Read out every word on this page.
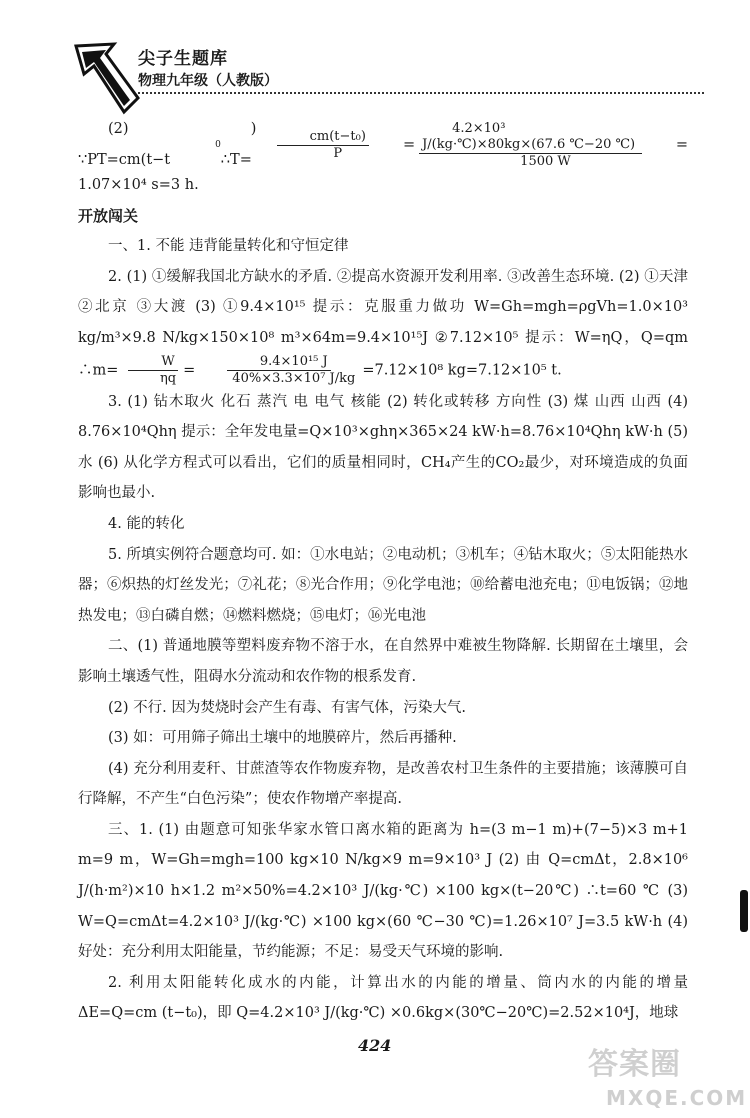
尖子生题库
物理九年级（人教版）
(2) ∵PT=cm(t−t
0
) ∴T=	$\frac{\text{cm(t−t₀)}}{P}$	= $\frac{\text{4.2×10³ J/(kg·℃)×80kg×(67.6 ℃−20 ℃)}}{1500 W}$	=

1.07×10⁴ s=3 h.

开放闯关

一、1. 不能 违背能量转化和守恒定律

2. (1) ①缓解我国北方缺水的矛盾. ②提高水资源开发利用率. ③改善生态环境. (2) ①天津 ②北京 ③大渡 (3) ①9.4×10¹⁵ 提示：克服重力做功 W=Gh=mgh=ρgVh=1.0×10³ kg/m³×9.8 N/kg×150×10⁸ m³×64m=9.4×10¹⁵J ②7.12×10⁵ 提示：W=ηQ，Q=qm ∴m= $\frac{W}{\eta q} = \frac{\text{9.4×10¹⁵ J}}{\text{40\%×3.3×10⁷ J/kg}} =7.12\times 10^8$ kg=7.12×10⁵ t.

3. (1) 钻木取火 化石 蒸汽 电 电气 核能 (2) 转化或转移 方向性 (3) 煤 山西 山西 (4) 8.76×10⁴Qhη 提示：全年发电量=Q×10³×ghη×365×24 kW·h=8.76×10⁴Qhη kW·h (5) 水 (6) 从化学方程式可以看出，它们的质量相同时，CH₄产生的CO₂最少，对环境造成的负面影响也最小.

4. 能的转化

5. 所填实例符合题意均可. 如：①水电站；②电动机；③机车；④钻木取火；⑤太阳能热水器；⑥炽热的灯丝发光；⑦礼花；⑧光合作用；⑨化学电池；⑩给蓄电池充电；⑪电饭锅；⑫地热发电；⑬白磷自燃；⑭燃料燃烧；⑮电灯；⑯光电池

二、(1) 普通地膜等塑料废弃物不溶于水，在自然界中难被生物降解. 长期留在土壤里，会影响土壤透气性，阻碍水分流动和农作物的根系发育.

(2) 不行. 因为焚烧时会产生有毒、有害气体，污染大气.

(3) 如：可用筛子筛出土壤中的地膜碎片，然后再播种.

(4) 充分利用麦秆、甘蔗渣等农作物废弃物，是改善农村卫生条件的主要措施；该薄膜可自行降解，不产生“白色污染”；使农作物增产率提高.

三、1. (1) 由题意可知张华家水管口离水箱的距离为 h=(3 m−1 m)+(7−5)×3 m+1 m=9 m，W=Gh=mgh=100 kg×10 N/kg×9 m=9×10³ J (2) 由 Q=cmΔt，2.8×10⁶ J/(h·m²)×10 h×1.2 m²×50%=4.2×10³ J/(kg·℃) ×100 kg×(t−20℃) ∴t=60 ℃ (3) W=Q=cmΔt=4.2×10³ J/(kg·℃) ×100 kg×(60 ℃−30 ℃)=1.26×10⁷ J=3.5 kW·h (4) 好处：充分利用太阳能量，节约能源；不足：易受天气环境的影响.

2. 利用太阳能转化成水的内能，计算出水的内能的增量、筒内水的内能的增量 ΔE=Q=cm (t−t₀)，即 Q=4.2×10³ J/(kg·℃) ×0.6kg×(30℃−20℃)=2.52×10⁴J，地球

424
答案圈
MXQE.COM
